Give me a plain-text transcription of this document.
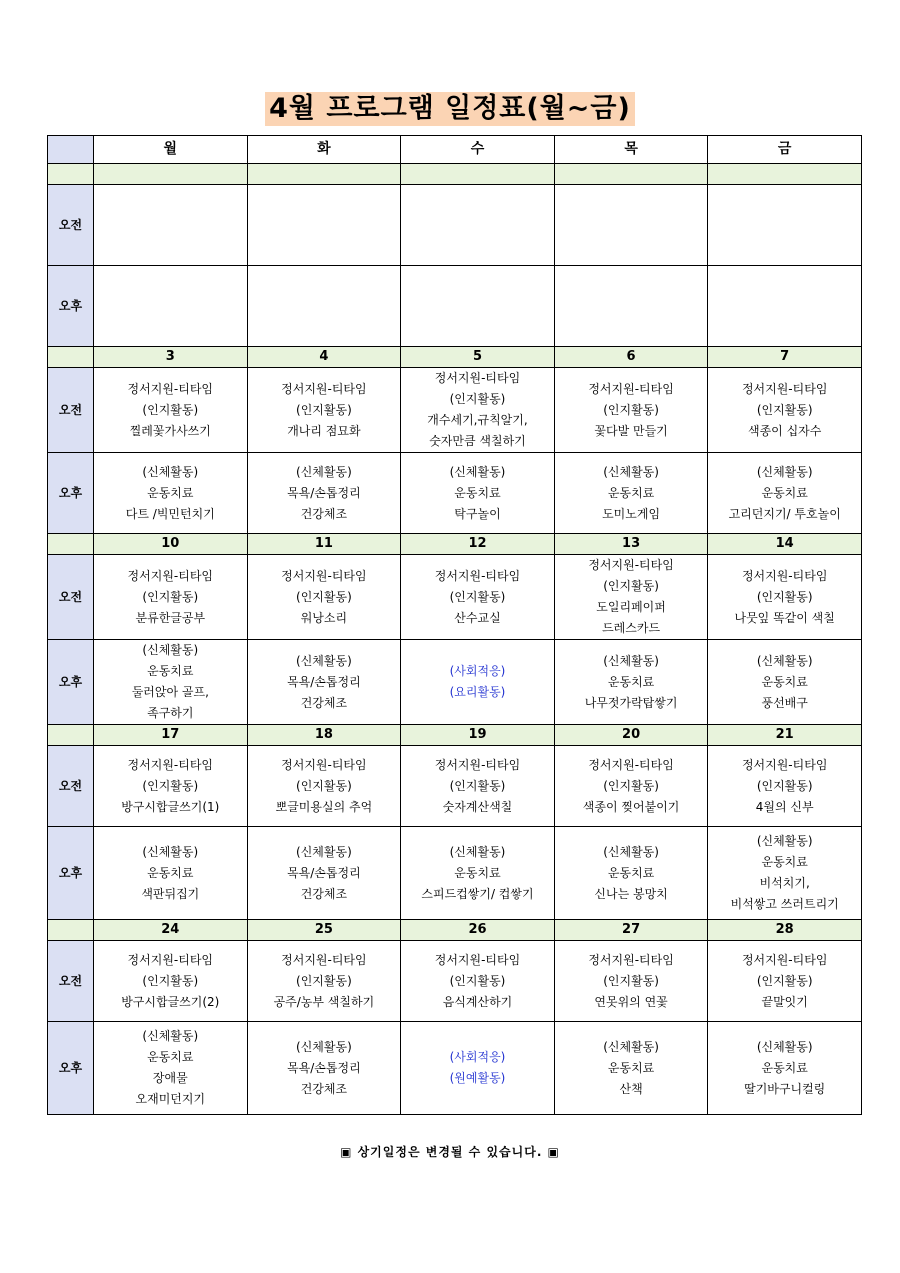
4월 프로그램 일정표(월~금)
	월	화	수	목	금

오전					
오후					
	3	4	5	6	7
오전	정서지원-티타임
(인지활동)
찔레꽃가사쓰기	정서지원-티타임
(인지활동)
개나리 점묘화	정서지원-티타임
(인지활동)
개수세기,규칙알기,
숫자만큼 색칠하기	정서지원-티타임
(인지활동)
꽃다발 만들기	정서지원-티타임
(인지활동)
색종이 십자수

오후	(신체활동)
운동치료
다트 /빅민턴치기	(신체활동)
목욕/손톱정리
건강체조	(신체활동)
운동치료
탁구놀이	(신체활동)
운동치료
도미노게임	(신체활동)
운동치료
고리던지기/ 투호놀이

	10	11	12	13	14
오전	정서지원-티타임
(인지활동)
분류한글공부	정서지원-티타임
(인지활동)
워낭소리	정서지원-티타임
(인지활동)
산수교실	정서지원-티타임
(인지활동)
도일리페이퍼
드레스카드	정서지원-티타임
(인지활동)
나뭇잎 똑같이 색칠

오후	(신체활동)
운동치료
둘러앉아 골프,
족구하기	(신체활동)
목욕/손톱정리
건강체조	(사회적응)
(요리활동)	(신체활동)
운동치료
나무젓가락탑쌓기	(신체활동)
운동치료
풍선배구

	17	18	19	20	21
오전	정서지원-티타임
(인지활동)
방구시합글쓰기(1)	정서지원-티타임
(인지활동)
뽀글미용실의 추억	정서지원-티타임
(인지활동)
숫자계산색칠	정서지원-티타임
(인지활동)
색종이 찢어붙이기	정서지원-티타임
(인지활동)
4월의 신부

오후	(신체활동)
운동치료
색판뒤집기	(신체활동)
목욕/손톱정리
건강체조	(신체활동)
운동치료
스피드컵쌓기/ 컵쌓기	(신체활동)
운동치료
신나는 봉망치	(신체활동)
운동치료
비석치기,
비석쌓고 쓰러트리기

	24	25	26	27	28
오전	정서지원-티타임
(인지활동)
방구시합글쓰기(2)	정서지원-티타임
(인지활동)
공주/농부 색칠하기	정서지원-티타임
(인지활동)
음식계산하기	정서지원-티타임
(인지활동)
연못위의 연꽃	정서지원-티타임
(인지활동)
끝말잇기

오후	(신체활동)
운동치료
장애물
오재미던지기	(신체활동)
목욕/손톱정리
건강체조	(사회적응)
(원예활동)	(신체활동)
운동치료
산책	(신체활동)
운동치료
딸기바구니컬링
▣ 상기일정은 변경될 수 있습니다. ▣
